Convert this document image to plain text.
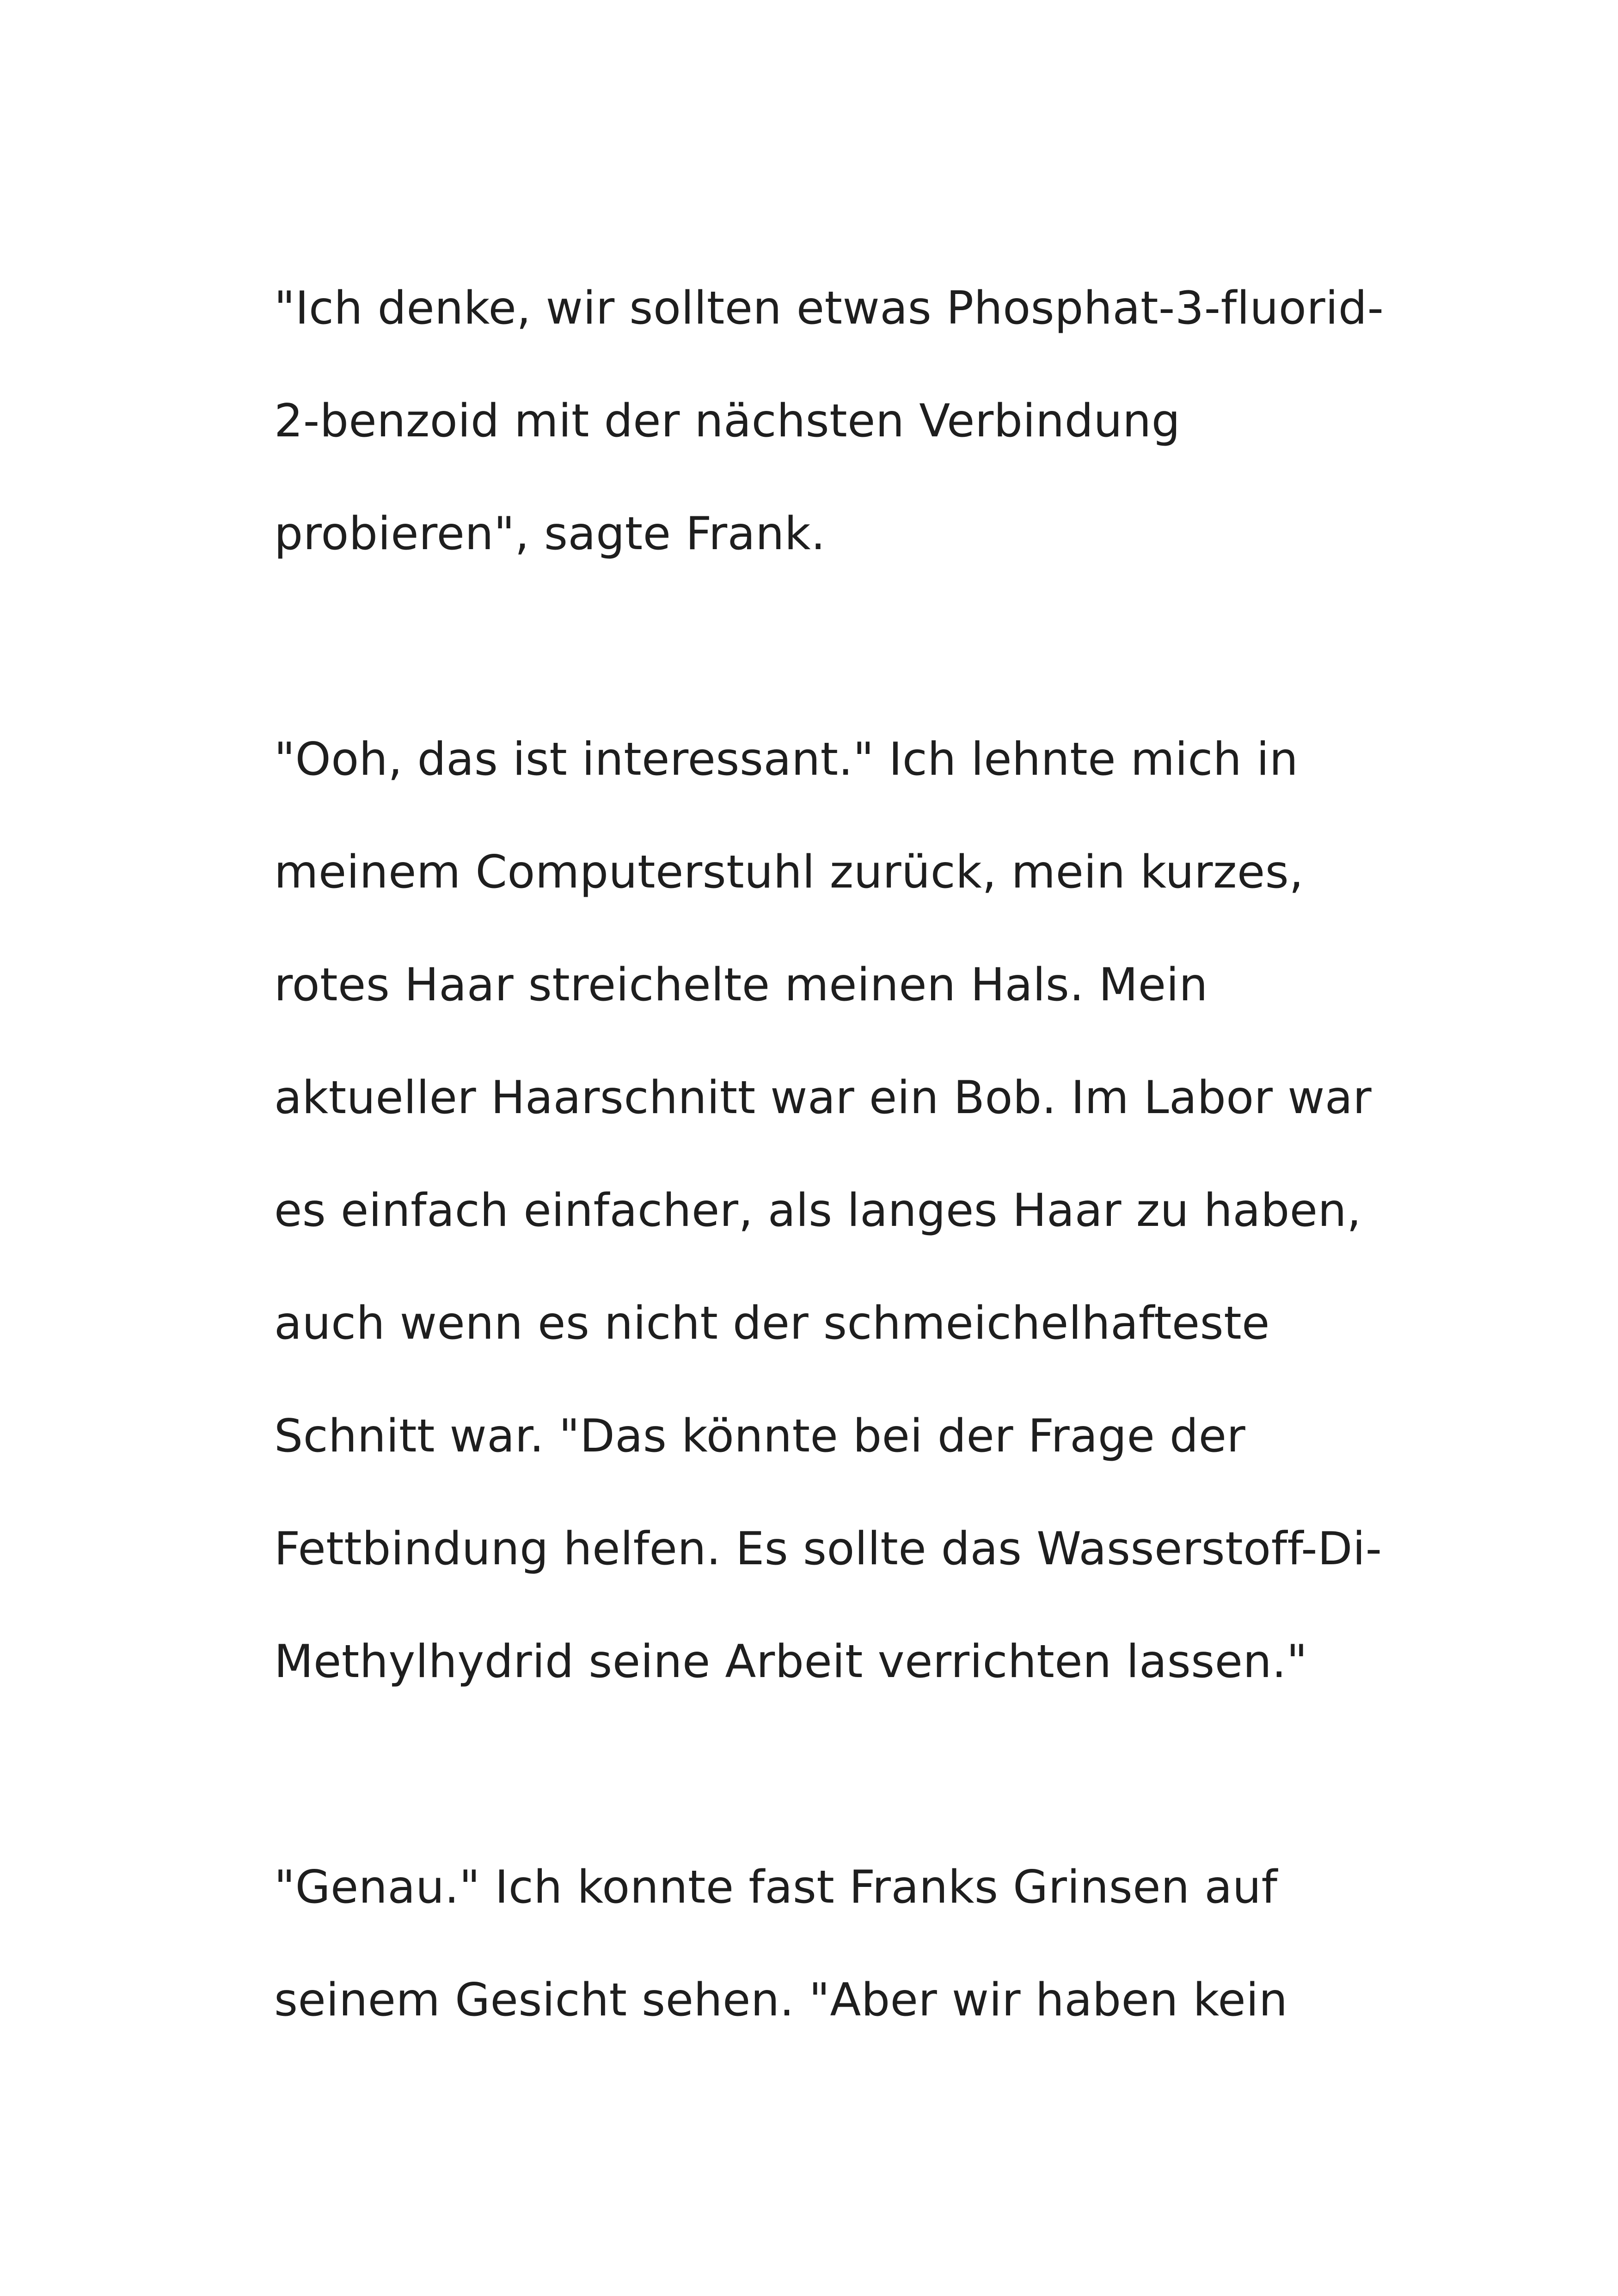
"Ich denke, wir sollten etwas Phosphat-3-fluorid-
2-benzoid mit der nächsten Verbindung
probieren", sagte Frank.
"Ooh, das ist interessant." Ich lehnte mich in
meinem Computerstuhl zurück, mein kurzes,
rotes Haar streichelte meinen Hals. Mein
aktueller Haarschnitt war ein Bob. Im Labor war
es einfach einfacher, als langes Haar zu haben,
auch wenn es nicht der schmeichelhafteste
Schnitt war. "Das könnte bei der Frage der
Fettbindung helfen. Es sollte das Wasserstoff-Di-
Methylhydrid seine Arbeit verrichten lassen."
"Genau." Ich konnte fast Franks Grinsen auf
seinem Gesicht sehen. "Aber wir haben kein
